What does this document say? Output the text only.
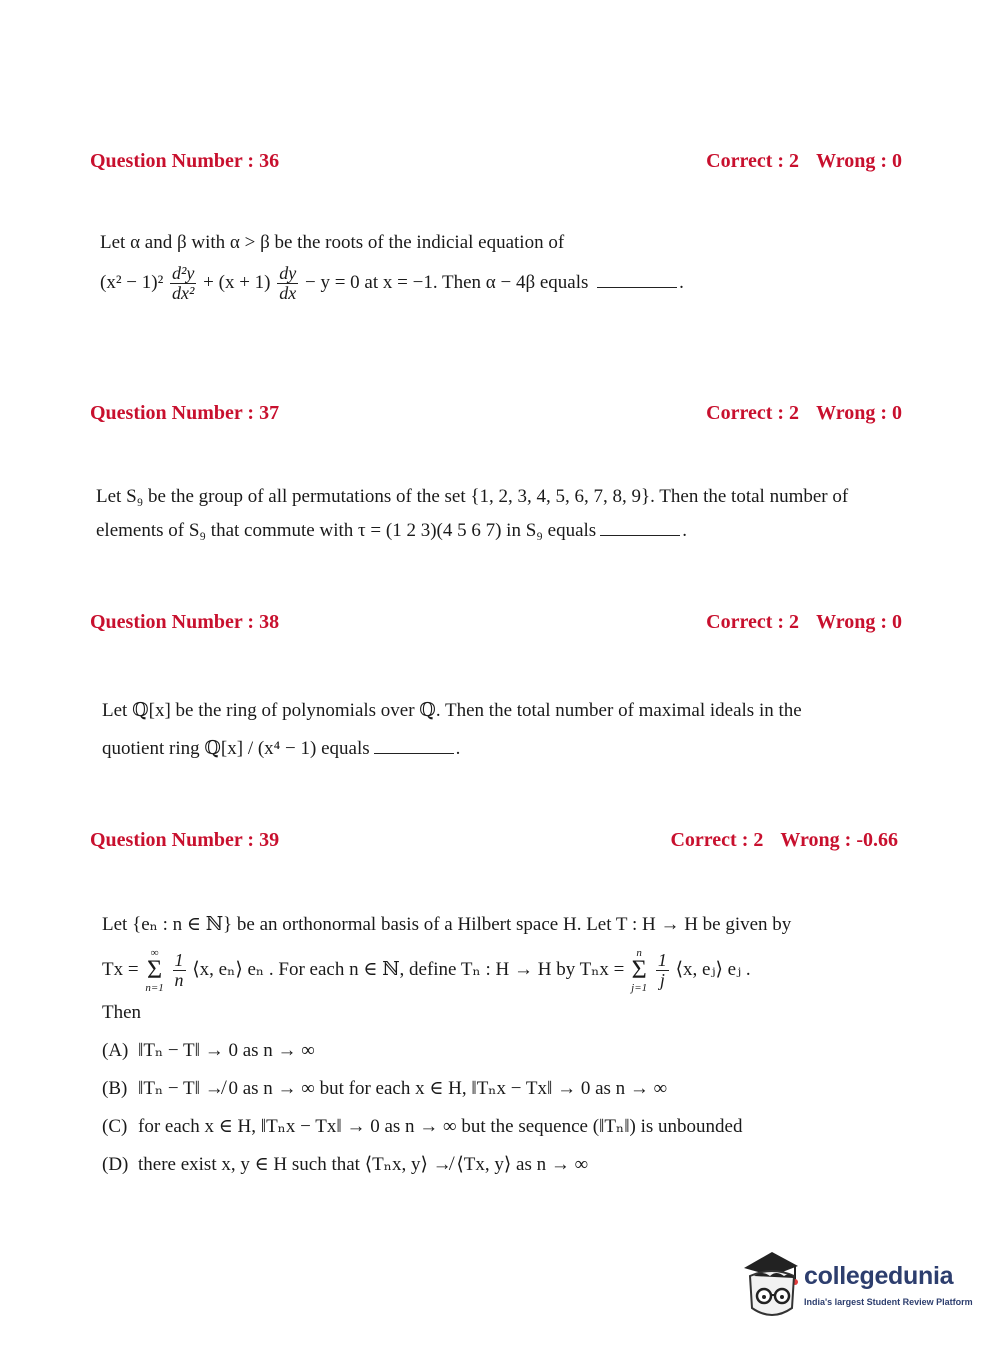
Question Number : 36	Correct : 2 Wrong : 0
Let α and β with α > β be the roots of the indicial equation of
$(x^2 - 1)^2 \frac{\text{d²y}}{\text{dx²}} + (x + 1) \frac{dy}{dx} - y = 0$ at x = −1. Then α − 4β equals	.
Question Number : 37	Correct : 2 Wrong : 0
Let S₉ be the group of all permutations of the set {1, 2, 3, 4, 5, 6, 7, 8, 9}. Then the total number of
elements of S₉ that commute with τ = (1 2 3)(4 5 6 7) in S₉ equals	.
Question Number : 38	Correct : 2 Wrong : 0
Let ℚ[x] be the ring of polynomials over ℚ. Then the total number of maximal ideals in the
quotient ring ℚ[x] / (x⁴ − 1) equals	.
Question Number : 39	Correct : 2 Wrong : -0.66
Let {eₙ : n ∈ ℕ} be an orthonormal basis of a Hilbert space H. Let T : H → H be given by
Tx =
∞
Σ
n=1
$\frac{1}{n}$ ⟨x, eₙ⟩ eₙ . For each n ∈ ℕ, define Tₙ : H → H by Tₙx =
n
Σ
j=1
$\frac{1}{j}$ ⟨x, eⱼ⟩ eⱼ .
Then
(A) ‖Tₙ − T‖ → 0 as n → ∞
(B) ‖Tₙ − T‖ ↛ 0 as n → ∞ but for each x ∈ H, ‖Tₙx − Tx‖ → 0 as n → ∞
(C) for each x ∈ H, ‖Tₙx − Tx‖ → 0 as n → ∞ but the sequence (‖Tₙ‖) is unbounded
(D) there exist x, y ∈ H such that ⟨Tₙx, y⟩ ↛ ⟨Tx, y⟩ as n → ∞
collegedunia
India's largest Student Review Platform
